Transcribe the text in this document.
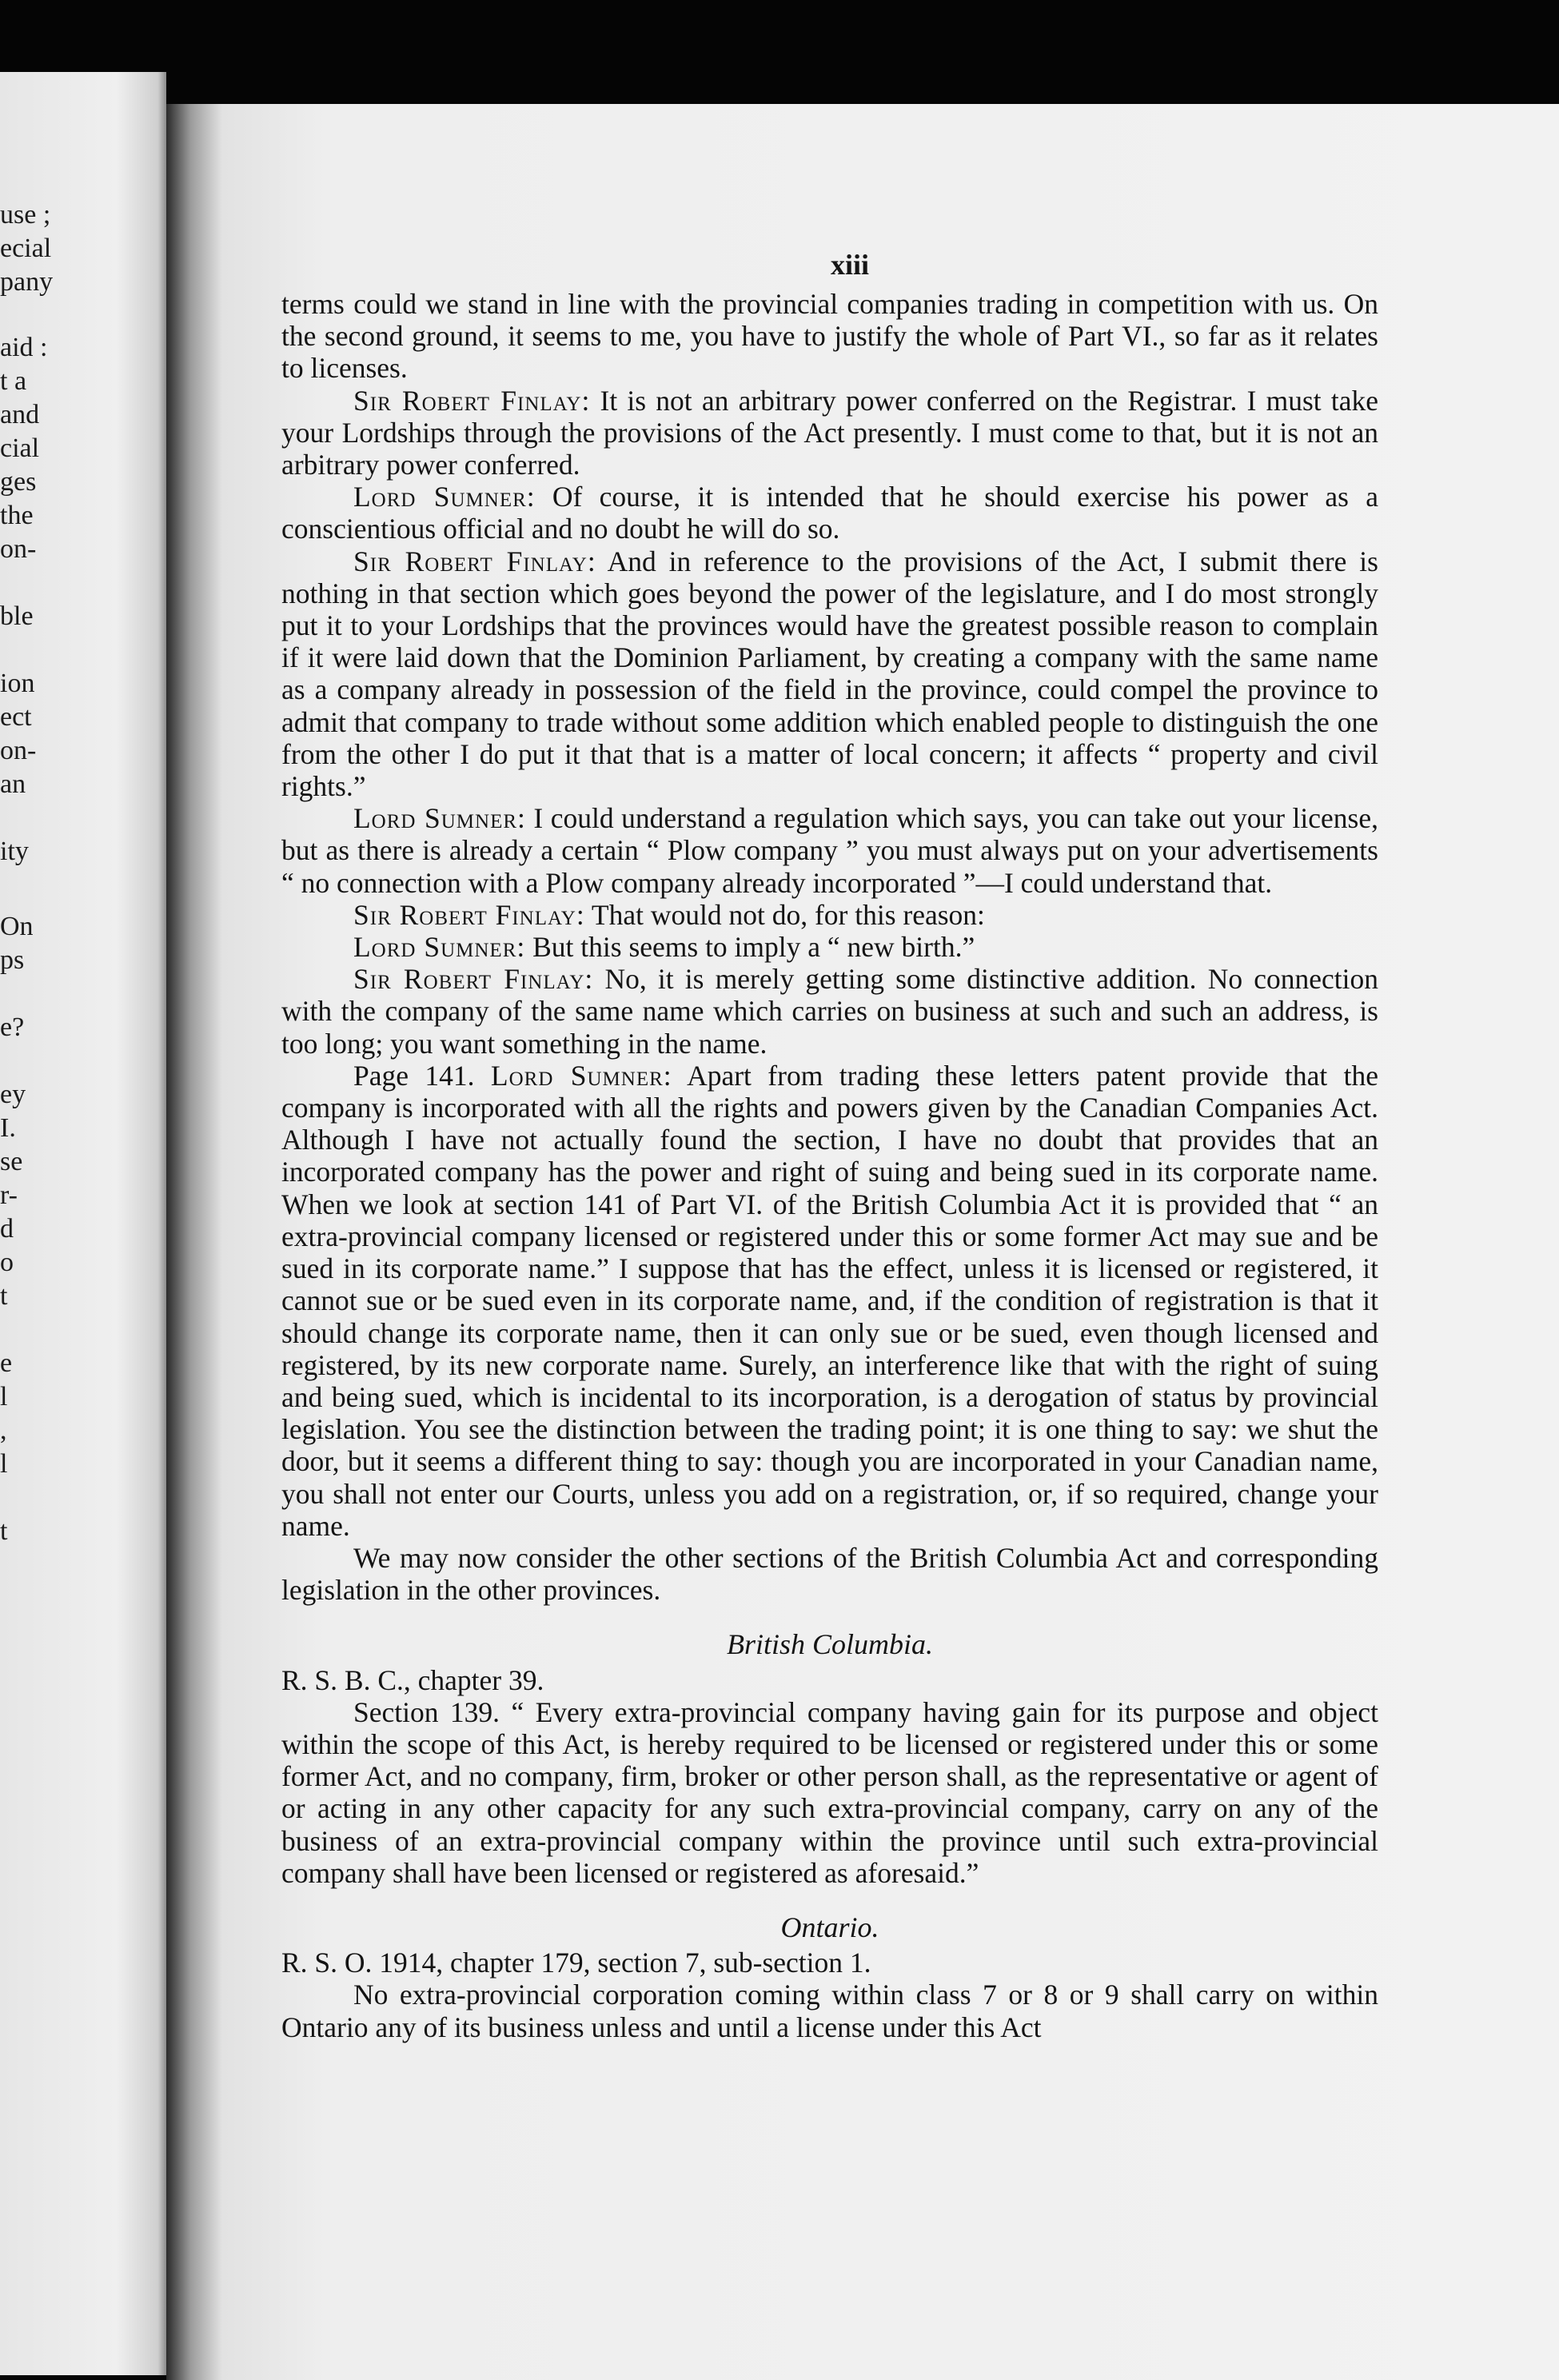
use ;
ecial
pany
aid :
t a
and
cial
ges
the
on-
ble
ion
ect
on-
an
ity
On
ps
e?
ey
I.
se
r-
d
o
t
e
l
,
l
t
xiii

terms could we stand in line with the provincial companies trading in competition with us. On the second ground, it seems to me, you have to justify the whole of Part VI., so far as it relates to licenses.

Sir Robert Finlay: It is not an arbitrary power conferred on the Registrar. I must take your Lordships through the provisions of the Act presently. I must come to that, but it is not an arbitrary power conferred.

Lord Sumner: Of course, it is intended that he should exercise his power as a conscientious official and no doubt he will do so.

Sir Robert Finlay: And in reference to the provisions of the Act, I submit there is nothing in that section which goes beyond the power of the legislature, and I do most strongly put it to your Lordships that the provinces would have the greatest possible reason to complain if it were laid down that the Dominion Parliament, by creating a company with the same name as a company already in possession of the field in the province, could compel the province to admit that company to trade without some addition which enabled people to distinguish the one from the other I do put it that that is a matter of local concern; it affects “ property and civil rights.”

Lord Sumner: I could understand a regulation which says, you can take out your license, but as there is already a certain “ Plow company ” you must always put on your advertisements “ no connection with a Plow company already incorporated ”—I could understand that.

Sir Robert Finlay: That would not do, for this reason:

Lord Sumner: But this seems to imply a “ new birth.”

Sir Robert Finlay: No, it is merely getting some distinctive addition. No connection with the company of the same name which carries on business at such and such an address, is too long; you want something in the name.

Page 141. Lord Sumner: Apart from trading these letters patent provide that the company is incorporated with all the rights and powers given by the Canadian Companies Act. Although I have not actually found the section, I have no doubt that provides that an incorporated company has the power and right of suing and being sued in its corporate name. When we look at section 141 of Part VI. of the British Columbia Act it is provided that “ an extra-provincial company licensed or registered under this or some former Act may sue and be sued in its corporate name.” I suppose that has the effect, unless it is licensed or registered, it cannot sue or be sued even in its corporate name, and, if the condition of registration is that it should change its corporate name, then it can only sue or be sued, even though licensed and registered, by its new corporate name. Surely, an interference like that with the right of suing and being sued, which is incidental to its incorporation, is a derogation of status by provincial legislation. You see the distinction between the trading point; it is one thing to say: we shut the door, but it seems a different thing to say: though you are incorporated in your Canadian name, you shall not enter our Courts, unless you add on a registration, or, if so required, change your name.

We may now consider the other sections of the British Columbia Act and corresponding legislation in the other provinces.

British Columbia.

R. S. B. C., chapter 39.

Section 139. “ Every extra-provincial company having gain for its purpose and object within the scope of this Act, is hereby required to be licensed or registered under this or some former Act, and no company, firm, broker or other person shall, as the representative or agent of or acting in any other capacity for any such extra-provincial company, carry on any of the business of an extra-provincial company within the province until such extra-provincial company shall have been licensed or registered as aforesaid.”

Ontario.

R. S. O. 1914, chapter 179, section 7, sub-section 1.

No extra-provincial corporation coming within class 7 or 8 or 9 shall carry on within Ontario any of its business unless and until a license under this Act
